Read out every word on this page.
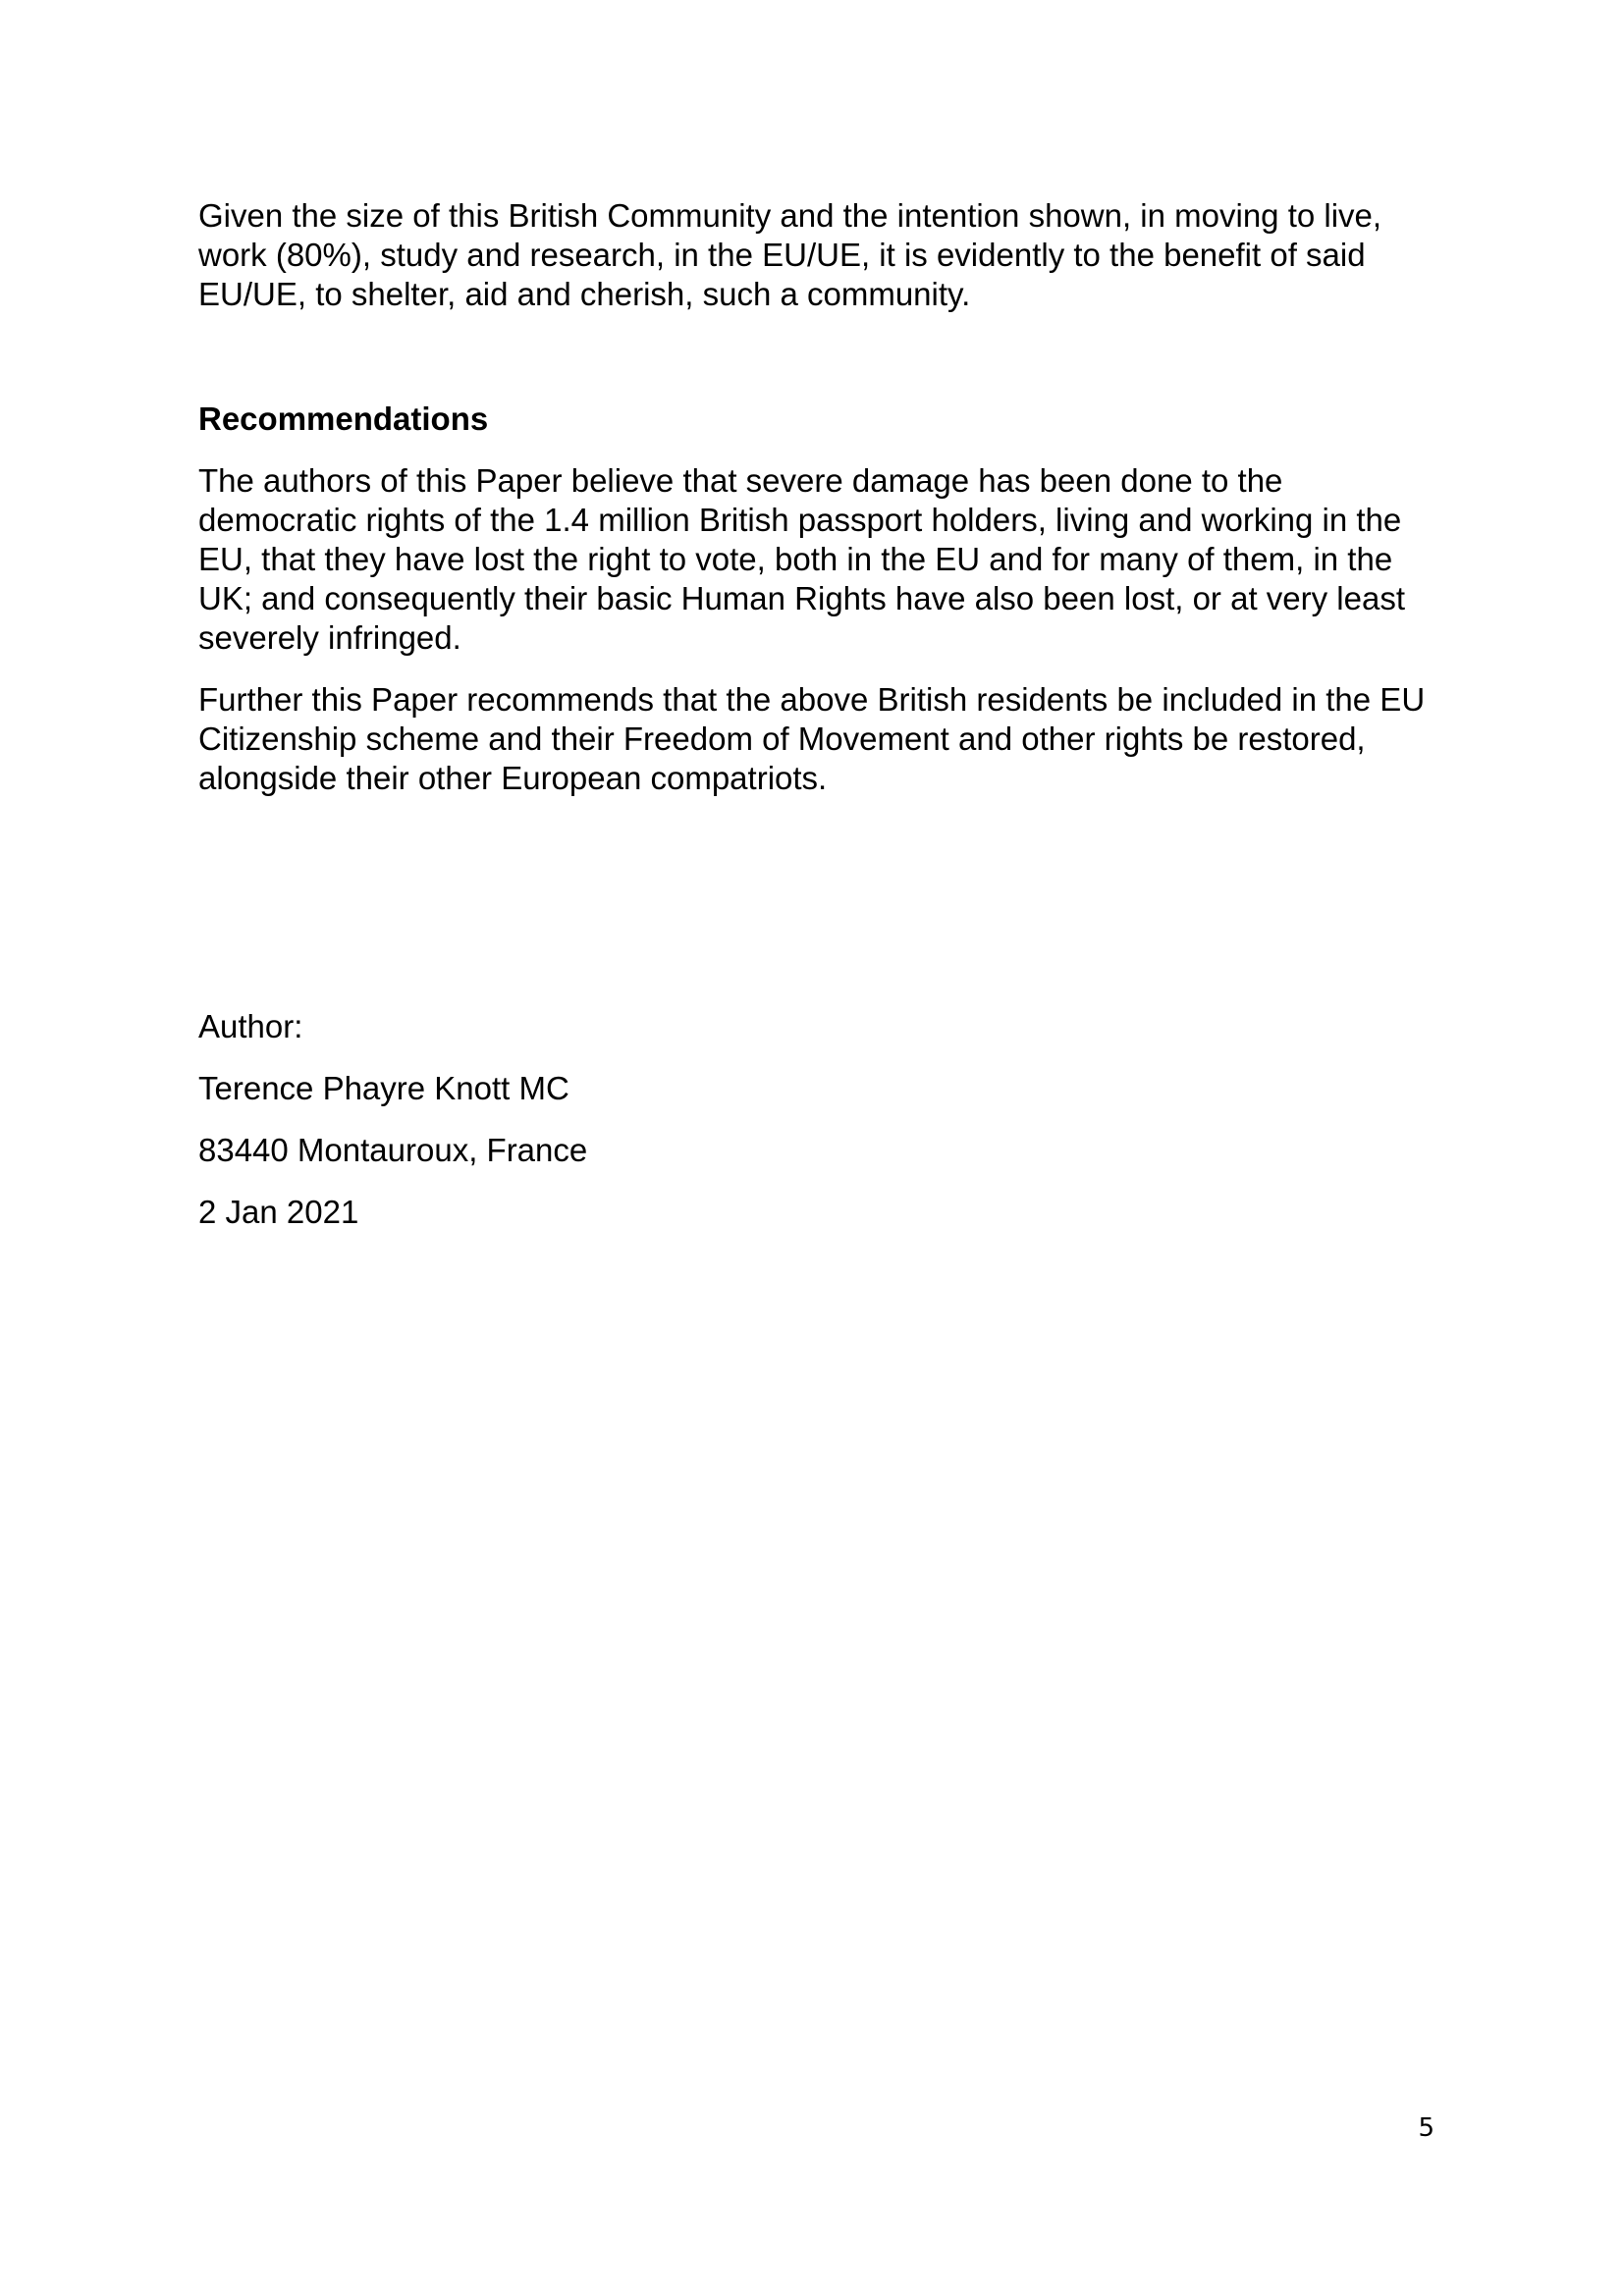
Given the size of this British Community and the intention shown, in moving to live, work (80%), study and research, in the EU/UE, it is evidently to the benefit of said EU/UE, to shelter, aid and cherish, such a community.

Recommendations

The authors of this Paper believe that severe damage has been done to the democratic rights of the 1.4 million British passport holders, living and working in the EU, that they have lost the right to vote, both in the EU and for many of them, in the UK; and consequently their basic Human Rights have also been lost, or at very least severely infringed.

Further this Paper recommends that the above British residents be included in the EU Citizenship scheme and their Freedom of Movement and other rights be restored, alongside their other European compatriots.

Author:

Terence Phayre Knott MC

83440 Montauroux, France

2 Jan 2021

5
